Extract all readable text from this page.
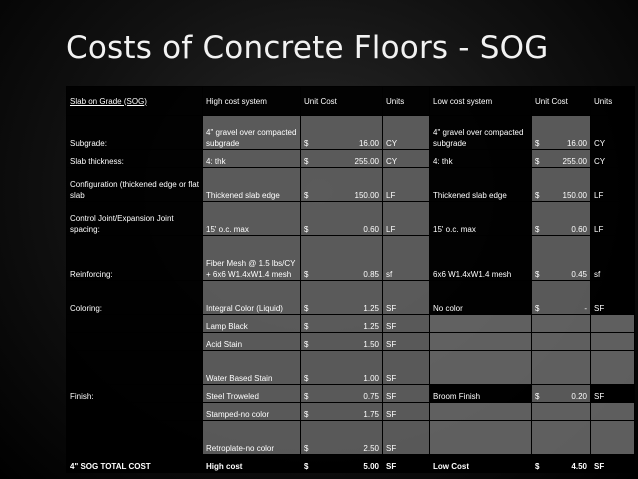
Costs of Concrete Floors - SOG
Slab on Grade (SOG)	High cost system	Unit Cost	Units	Low cost system	Unit Cost	Units
Subgrade:	4" gravel over compacted subgrade	$ 16.00	CY	4" gravel over compacted subgrade	$ 16.00	CY
Slab thickness:	4: thk	$ 255.00	CY	4: thk	$ 255.00	CY
Configuration (thickened edge or flat slab	Thickened slab edge	$ 150.00	LF	Thickened slab edge	$ 150.00	LF
Control Joint/Expansion Joint spacing:	15' o.c. max	$ 0.60	LF	15' o.c. max	$ 0.60	LF
Reinforcing:	Fiber Mesh @ 1.5 lbs/CY + 6x6 W1.4xW1.4 mesh	$ 0.85	sf	6x6 W1.4xW1.4 mesh	$ 0.45	sf
Coloring:	Integral Color (Liquid)	$ 1.25	SF	No color	$ -	SF
	Lamp Black	$ 1.25	SF			
	Acid Stain	$ 1.50	SF			
	Water Based Stain	$ 1.00	SF			
Finish:	Steel Troweled	$ 0.75	SF	Broom Finish	$ 0.20	SF
	Stamped-no color	$ 1.75	SF			
	Retroplate-no color	$ 2.50	SF			
4" SOG TOTAL COST	High cost	$ 5.00	SF	Low Cost	$ 4.50	SF
